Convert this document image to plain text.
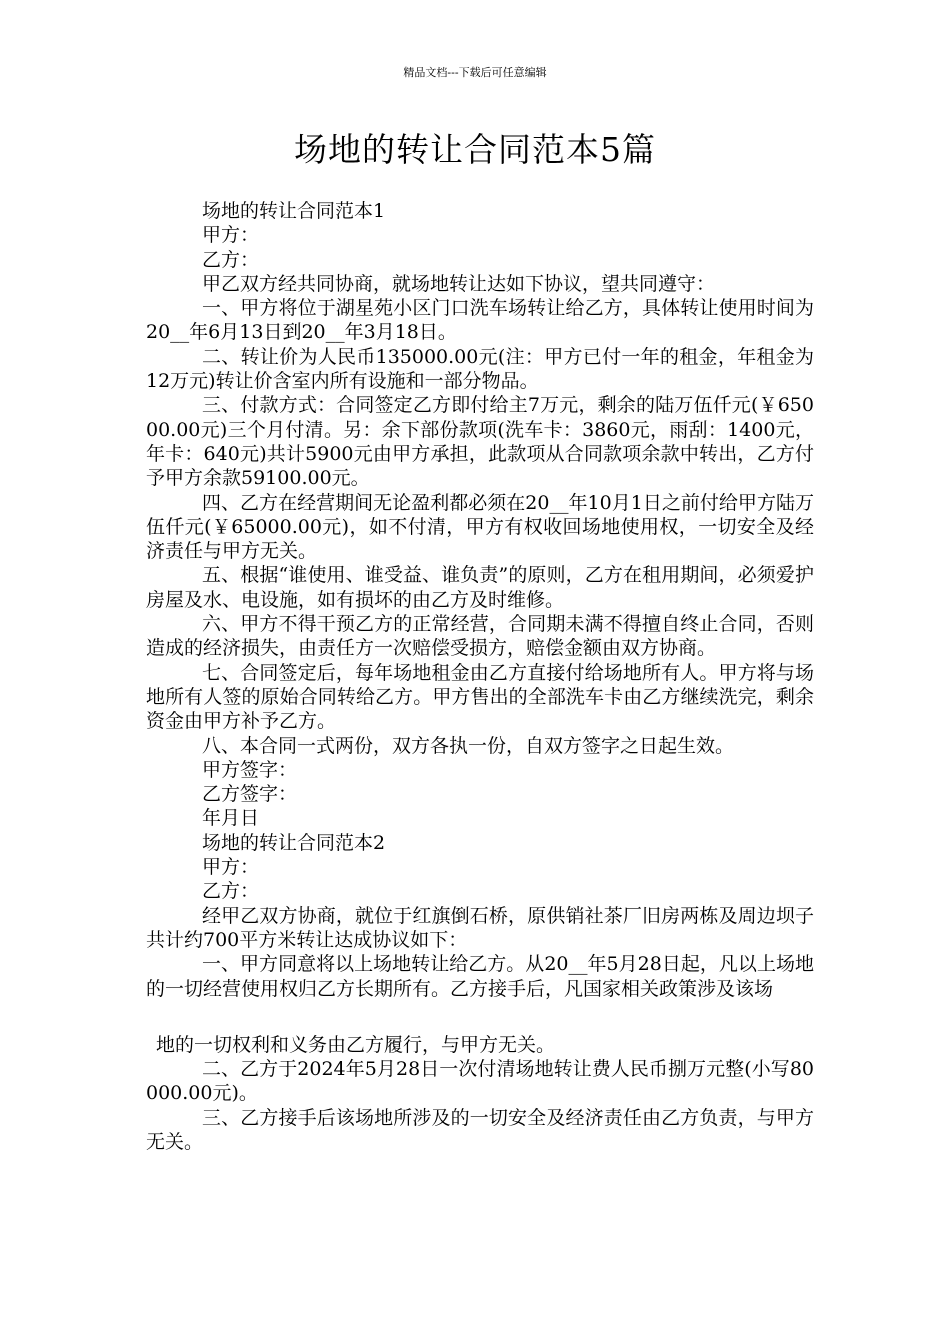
精品文档---下载后可任意编辑
场地的转让合同范本5篇

场地的转让合同范本1

甲方：

乙方：

甲乙双方经共同协商，就场地转让达如下协议，望共同遵守：

一、甲方将位于湖星苑小区门口洗车场转让给乙方，具体转让使用时间为20__年6月13日到20__年3月18日。

二、转让价为人民币135000.00元(注：甲方已付一年的租金，年租金为12万元)转让价含室内所有设施和一部分物品。

三、付款方式：合同签定乙方即付给主7万元，剩余的陆万伍仟元(￥65000.00元)三个月付清。另：余下部份款项(洗车卡：3860元，雨刮：1400元，年卡：640元)共计5900元由甲方承担，此款项从合同款项余款中转出，乙方付予甲方余款59100.00元。

四、乙方在经营期间无论盈利都必须在20__年10月1日之前付给甲方陆万伍仟元(￥65000.00元)，如不付清，甲方有权收回场地使用权，一切安全及经济责任与甲方无关。

五、根据“谁使用、谁受益、谁负责”的原则，乙方在租用期间，必须爱护房屋及水、电设施，如有损坏的由乙方及时维修。

六、甲方不得干预乙方的正常经营，合同期未满不得擅自终止合同，否则造成的经济损失，由责任方一次赔偿受损方，赔偿金额由双方协商。

七、合同签定后，每年场地租金由乙方直接付给场地所有人。甲方将与场地所有人签的原始合同转给乙方。甲方售出的全部洗车卡由乙方继续洗完，剩余资金由甲方补予乙方。

八、本合同一式两份，双方各执一份，自双方签字之日起生效。

甲方签字：

乙方签字：

年月日

场地的转让合同范本2

甲方：

乙方：

经甲乙双方协商，就位于红旗倒石桥，原供销社茶厂旧房两栋及周边坝子共计约700平方米转让达成协议如下：

一、甲方同意将以上场地转让给乙方。从20__年5月28日起，凡以上场地的一切经营使用权归乙方长期所有。乙方接手后，凡国家相关政策涉及该场

地的一切权利和义务由乙方履行，与甲方无关。

二、乙方于2024年5月28日一次付清场地转让费人民币捌万元整(小写80000.00元)。

三、乙方接手后该场地所涉及的一切安全及经济责任由乙方负责，与甲方无关。
